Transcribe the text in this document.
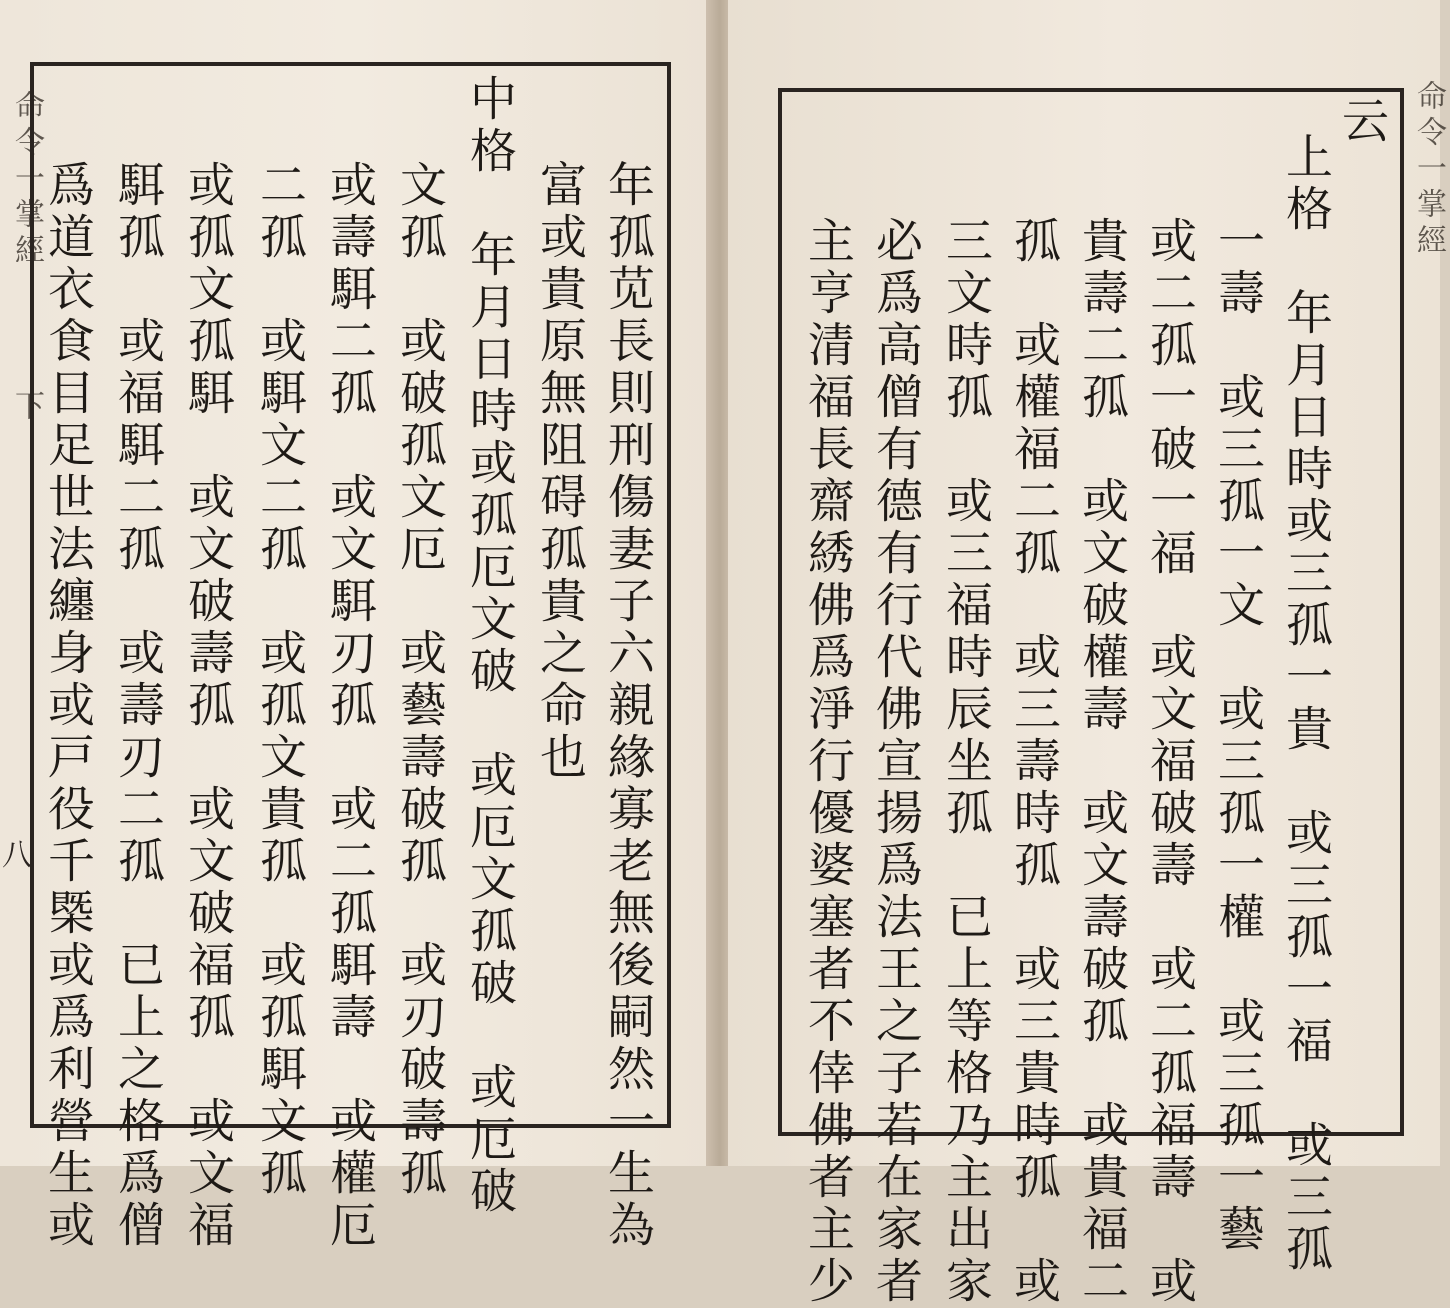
命令一掌經
下
八	年孤苋長則刑傷妻子六親緣寡老無後嗣然一生為
富或貴原無阻碍孤貴之命也
中格　年月日時或孤厄文破　或厄文孤破　或厄破
文孤　或破孤文厄　或藝壽破孤　或刃破壽孤
或壽駬二孤　或文駬刃孤　或二孤駬壽　或權厄
二孤　或駬文二孤　或孤文貴孤　或孤駬文孤
或孤文孤駬　或文破壽孤　或文破福孤　或文福
駬孤　或福駬二孤　或壽刃二孤　已上之格爲僧
爲道衣食目足世法纏身或戸役千㮣或爲利營生或
云
上格　年月日時或三孤一貴　或三孤一福　或三孤
一壽　或三孤一文　或三孤一權　或三孤一藝
或二孤一破一福　或文福破壽　或二孤福壽　或
貴壽二孤　或文破權壽　或文壽破孤　或貴福二
孤　或權福二孤　或三壽時孤　或三貴時孤　或
三文時孤　或三福時辰坐孤　已上等格乃主出家
必爲高僧有德有行代佛宣揚爲法王之子若在家者
主亨清福長齋綉佛爲淨行優婆塞者不倖佛者主少
命令一掌經
